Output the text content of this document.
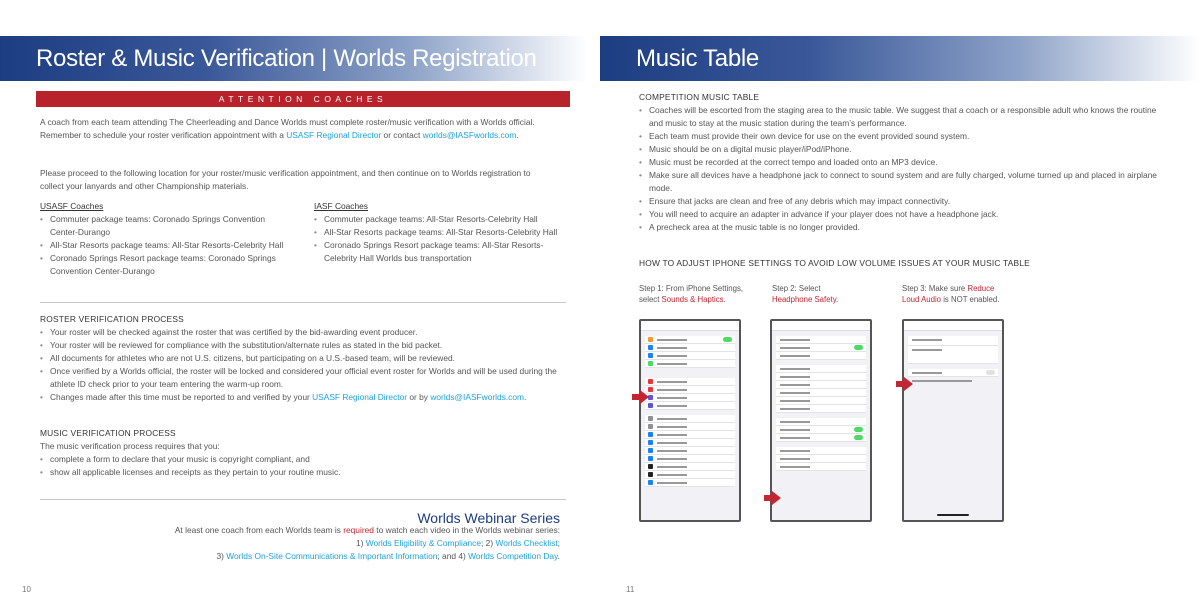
Roster & Music Verification | Worlds Registration
ATTENTION COACHES
A coach from each team attending The Cheerleading and Dance Worlds must complete roster/music verification with a Worlds official. Remember to schedule your roster verification appointment with a USASF Regional Director or contact worlds@IASFworlds.com.
Please proceed to the following location for your roster/music verification appointment, and then continue on to Worlds registration to collect your lanyards and other Championship materials.
USASF Coaches
• Commuter package teams: Coronado Springs Convention Center-Durango
• All-Star Resorts package teams: All-Star Resorts-Celebrity Hall
• Coronado Springs Resort package teams: Coronado Springs Convention Center-Durango
IASF Coaches
• Commuter package teams: All-Star Resorts-Celebrity Hall
• All-Star Resorts package teams: All-Star Resorts-Celebrity Hall
• Coronado Springs Resort package teams: All-Star Resorts-Celebrity Hall Worlds bus transportation
ROSTER VERIFICATION PROCESS
• Your roster will be checked against the roster that was certified by the bid-awarding event producer.
• Your roster will be reviewed for compliance with the substitution/alternate rules as stated in the bid packet.
• All documents for athletes who are not U.S. citizens, but participating on a U.S.-based team, will be reviewed.
• Once verified by a Worlds official, the roster will be locked and considered your official event roster for Worlds and will be used during the athlete ID check prior to your team entering the warm-up room.
• Changes made after this time must be reported to and verified by your USASF Regional Director or by worlds@IASFworlds.com.
MUSIC VERIFICATION PROCESS
The music verification process requires that you:
• complete a form to declare that your music is copyright compliant, and
• show all applicable licenses and receipts as they pertain to your routine music.
Worlds Webinar Series
At least one coach from each Worlds team is required to watch each video in the Worlds webinar series:
1) Worlds Eligibility & Compliance; 2) Worlds Checklist;
3) Worlds On-Site Communications & Important Information; and 4) Worlds Competition Day.
10
Music Table
COMPETITION MUSIC TABLE
• Coaches will be escorted from the staging area to the music table. We suggest that a coach or a responsible adult who knows the routine and music to stay at the music station during the team’s performance.
• Each team must provide their own device for use on the event provided sound system.
• Music should be on a digital music player/iPod/iPhone.
• Music must be recorded at the correct tempo and loaded onto an MP3 device.
• Make sure all devices have a headphone jack to connect to sound system and are fully charged, volume turned up and placed in airplane mode.
• Ensure that jacks are clean and free of any debris which may impact connectivity.
• You will need to acquire an adapter in advance if your player does not have a headphone jack.
• A precheck area at the music table is no longer provided.
HOW TO ADJUST IPHONE SETTINGS TO AVOID LOW VOLUME ISSUES AT YOUR MUSIC TABLE
Step 1: From iPhone Settings,
select Sounds & Haptics.
Step 2: Select
Headphone Safety.
Step 3: Make sure Reduce
Loud Audio is NOT enabled.
11
